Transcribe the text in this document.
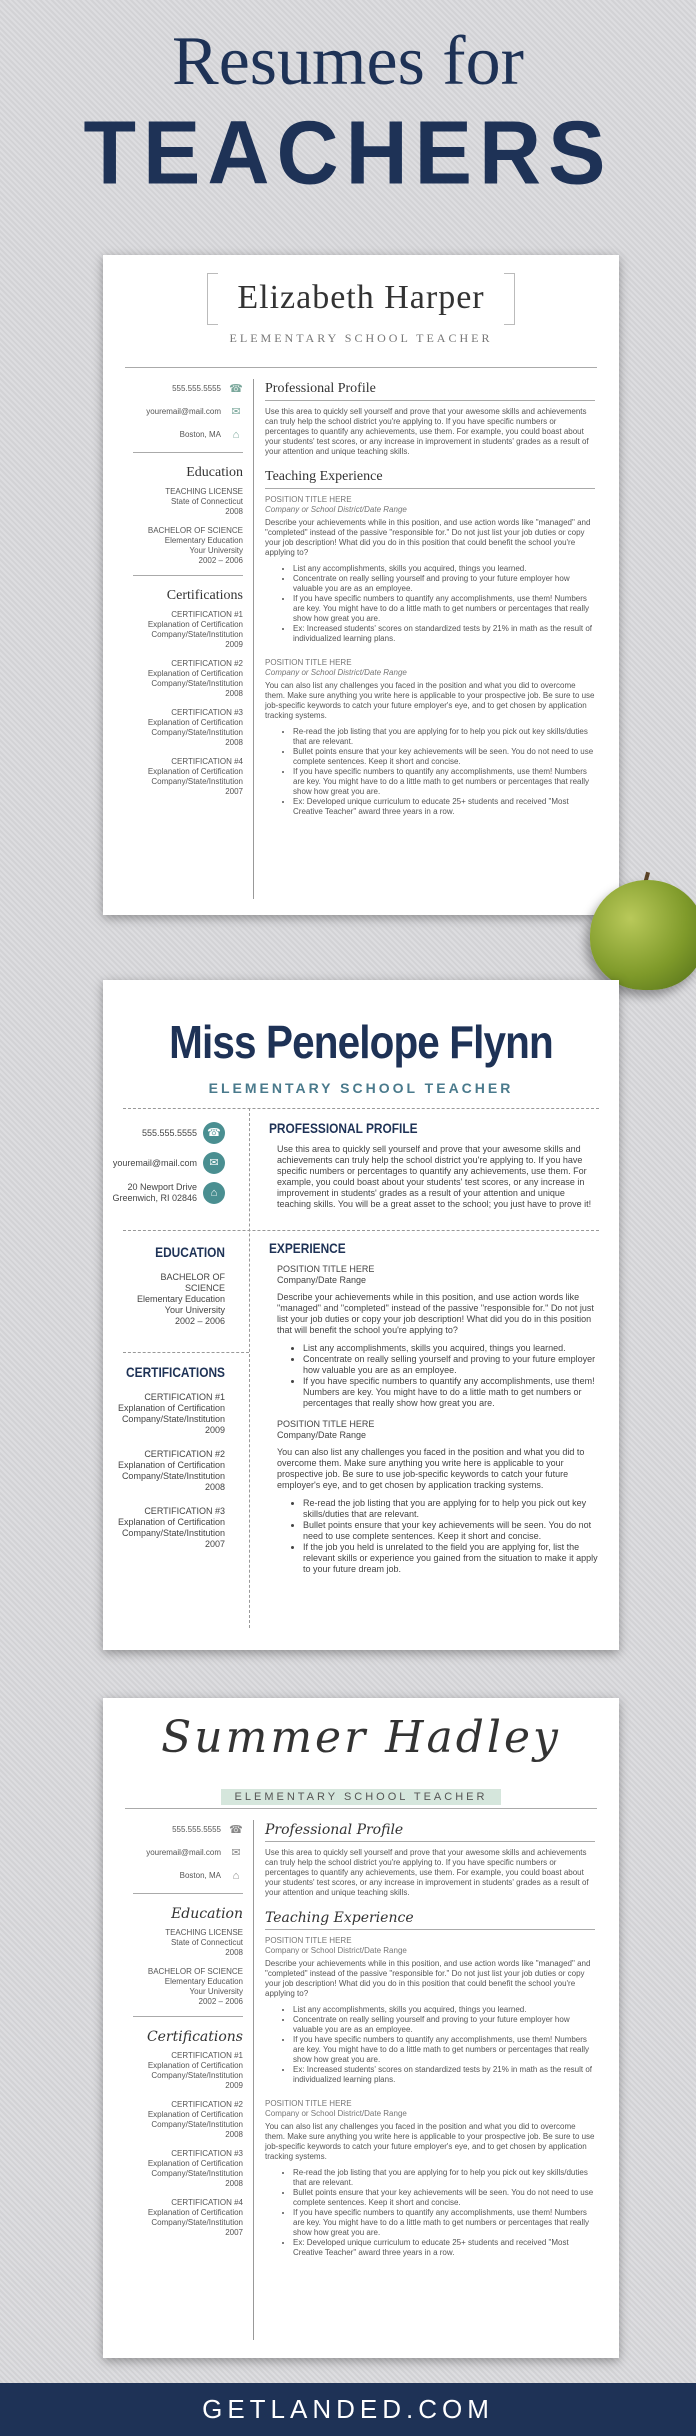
Resumes for
TEACHERS
Elizabeth Harper
ELEMENTARY SCHOOL TEACHER
555.555.5555 ☎
youremail@mail.com ✉
Boston, MA	⌂
Education
TEACHING LICENSE
State of Connecticut
2008
BACHELOR OF SCIENCE
Elementary Education
Your University
2002 – 2006
Certifications
CERTIFICATION #1
Explanation of Certification
Company/State/Institution
2009
CERTIFICATION #2
Explanation of Certification
Company/State/Institution
2008
CERTIFICATION #3
Explanation of Certification
Company/State/Institution
2008
CERTIFICATION #4
Explanation of Certification
Company/State/Institution
2007
Professional Profile

Use this area to quickly sell yourself and prove that your awesome skills and achievements can truly help the school district you're applying to. If you have specific numbers or percentages to quantify any achievements, use them. For example, you could boast about your students' test scores, or any increase in improvement in students' grades as a result of your attention and unique teaching skills.

Teaching Experience
POSITION TITLE HERE
Company or School District/Date Range

Describe your achievements while in this position, and use action words like "managed" and "completed" instead of the passive "responsible for." Do not just list your job duties or copy your job description! What did you do in this position that could benefit the school you're applying to?

• List any accomplishments, skills you acquired, things you learned.
• Concentrate on really selling yourself and proving to your future employer how valuable you are as an employee.
• If you have specific numbers to quantify any accomplishments, use them! Numbers are key. You might have to do a little math to get numbers or percentages that really show how great you are.
• Ex: Increased students' scores on standardized tests by 21% in math as the result of individualized learning plans.
POSITION TITLE HERE
Company or School District/Date Range

You can also list any challenges you faced in the position and what you did to overcome them. Make sure anything you write here is applicable to your prospective job. Be sure to use job-specific keywords to catch your future employer's eye, and to get chosen by application tracking systems.

• Re-read the job listing that you are applying for to help you pick out key skills/duties that are relevant.
• Bullet points ensure that your key achievements will be seen. You do not need to use complete sentences. Keep it short and concise.
• If you have specific numbers to quantify any accomplishments, use them! Numbers are key. You might have to do a little math to get numbers or percentages that really show how great you are.
• Ex: Developed unique curriculum to educate 25+ students and received "Most Creative Teacher" award three years in a row.
Miss Penelope Flynn
ELEMENTARY SCHOOL TEACHER
555.555.5555 ☎
youremail@mail.com	✉
20 Newport Drive
Greenwich, RI 02846	⌂
EDUCATION
BACHELOR OF
SCIENCE
Elementary Education
Your University
2002 – 2006
CERTIFICATIONS
CERTIFICATION #1
Explanation of Certification
Company/State/Institution
2009
CERTIFICATION #2
Explanation of Certification
Company/State/Institution
2008
CERTIFICATION #3
Explanation of Certification
Company/State/Institution
2007
PROFESSIONAL PROFILE

Use this area to quickly sell yourself and prove that your awesome skills and achievements can truly help the school district you're applying to. If you have specific numbers or percentages to quantify any achievements, use them. For example, you could boast about your students' test scores, or any increase in improvement in students' grades as a result of your attention and unique teaching skills. You will be a great asset to the school; you just have to prove it!

EXPERIENCE
POSITION TITLE HERE
Company/Date Range

Describe your achievements while in this position, and use action words like "managed" and "completed" instead of the passive "responsible for." Do not just list your job duties or copy your job description! What did you do in this position that will benefit the school you're applying to?

• List any accomplishments, skills you acquired, things you learned.
• Concentrate on really selling yourself and proving to your future employer how valuable you are as an employee.
• If you have specific numbers to quantify any accomplishments, use them! Numbers are key. You might have to do a little math to get numbers or percentages that really show how great you are.
POSITION TITLE HERE
Company/Date Range

You can also list any challenges you faced in the position and what you did to overcome them. Make sure anything you write here is applicable to your prospective job. Be sure to use job-specific keywords to catch your future employer's eye, and to get chosen by application tracking systems.

• Re-read the job listing that you are applying for to help you pick out key skills/duties that are relevant.
• Bullet points ensure that your key achievements will be seen. You do not need to use complete sentences. Keep it short and concise.
• If the job you held is unrelated to the field you are applying for, list the relevant skills or experience you gained from the situation to make it apply to your future dream job.
Summer Hadley
ELEMENTARY SCHOOL TEACHER
555.555.5555 ☎
youremail@mail.com ✉
Boston, MA	⌂
Education
TEACHING LICENSE
State of Connecticut
2008
BACHELOR OF SCIENCE
Elementary Education
Your University
2002 – 2006
Certifications
CERTIFICATION #1
Explanation of Certification
Company/State/Institution
2009
CERTIFICATION #2
Explanation of Certification
Company/State/Institution
2008
CERTIFICATION #3
Explanation of Certification
Company/State/Institution
2008
CERTIFICATION #4
Explanation of Certification
Company/State/Institution
2007
Professional Profile

Use this area to quickly sell yourself and prove that your awesome skills and achievements can truly help the school district you're applying to. If you have specific numbers or percentages to quantify any achievements, use them. For example, you could boast about your students' test scores, or any increase in improvement in students' grades as a result of your attention and unique teaching skills.

Teaching Experience
POSITION TITLE HERE
Company or School District/Date Range

Describe your achievements while in this position, and use action words like "managed" and "completed" instead of the passive "responsible for." Do not just list your job duties or copy your job description! What did you do in this position that could benefit the school you're applying to?

• List any accomplishments, skills you acquired, things you learned.
• Concentrate on really selling yourself and proving to your future employer how valuable you are as an employee.
• If you have specific numbers to quantify any accomplishments, use them! Numbers are key. You might have to do a little math to get numbers or percentages that really show how great you are.
• Ex: Increased students' scores on standardized tests by 21% in math as the result of individualized learning plans.
POSITION TITLE HERE
Company or School District/Date Range

You can also list any challenges you faced in the position and what you did to overcome them. Make sure anything you write here is applicable to your prospective job. Be sure to use job-specific keywords to catch your future employer's eye, and to get chosen by application tracking systems.

• Re-read the job listing that you are applying for to help you pick out key skills/duties that are relevant.
• Bullet points ensure that your key achievements will be seen. You do not need to use complete sentences. Keep it short and concise.
• If you have specific numbers to quantify any accomplishments, use them! Numbers are key. You might have to do a little math to get numbers or percentages that really show how great you are.
• Ex: Developed unique curriculum to educate 25+ students and received "Most Creative Teacher" award three years in a row.
GETLANDED.COM
